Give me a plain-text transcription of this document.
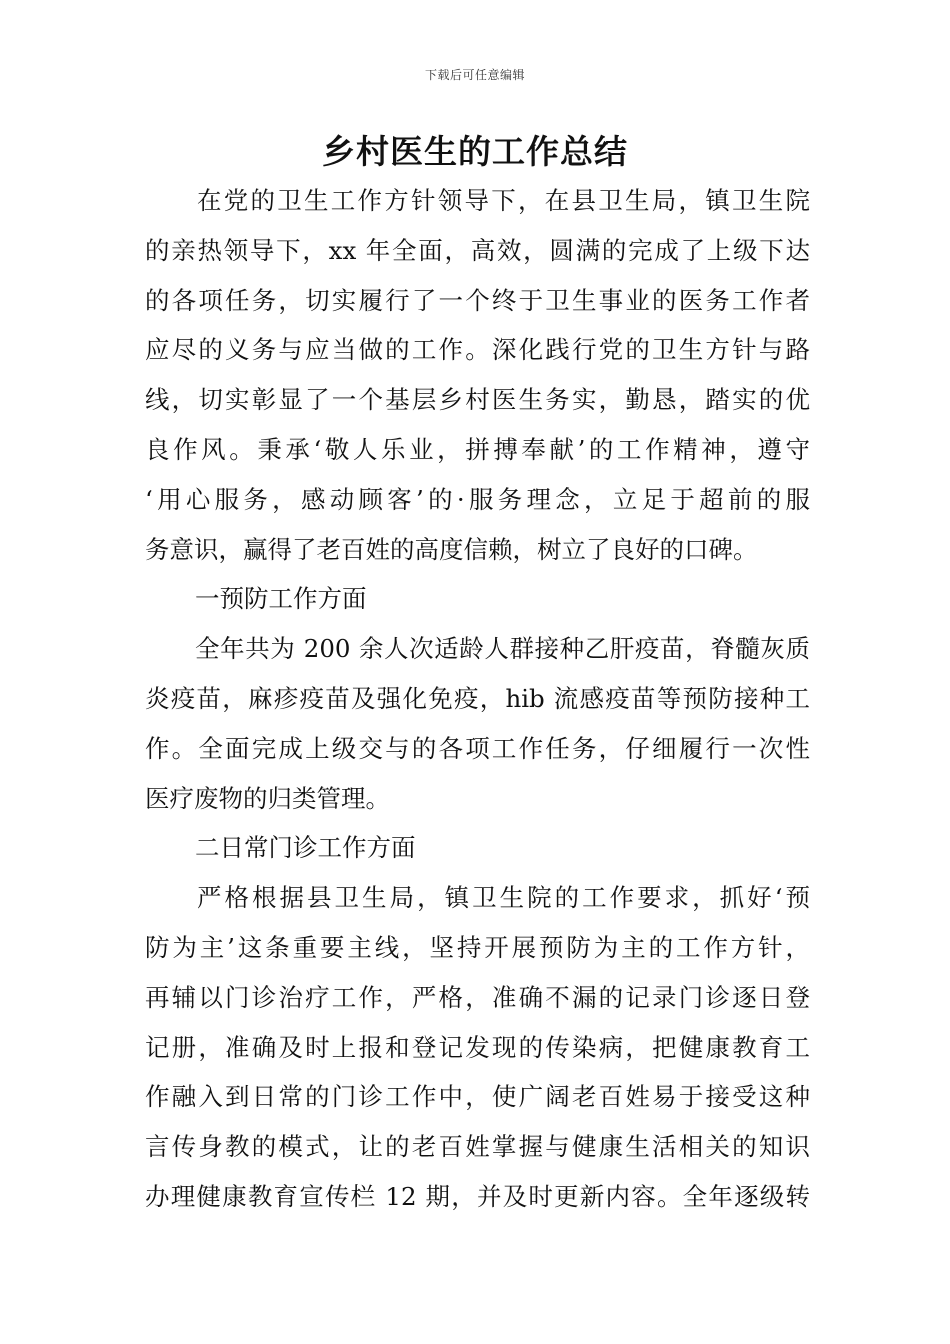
下载后可任意编辑
乡村医生的工作总结
在党的卫生工作方针领导下，在县卫生局，镇卫生院
的亲热领导下，xx 年全面，高效，圆满的完成了上级下达
的各项任务，切实履行了一个终于卫生事业的医务工作者
应尽的义务与应当做的工作。深化践行党的卫生方针与路
线，切实彰显了一个基层乡村医生务实，勤恳，踏实的优
良作风。秉承‘敬人乐业，拼搏奉献’的工作精神，遵守
‘用心服务，感动顾客’的·服务理念，立足于超前的服
务意识，赢得了老百姓的高度信赖，树立了良好的口碑。
一预防工作方面
全年共为 200 余人次适龄人群接种乙肝疫苗，脊髓灰质
炎疫苗，麻疹疫苗及强化免疫，hib 流感疫苗等预防接种工
作。全面完成上级交与的各项工作任务，仔细履行一次性
医疗废物的归类管理。
二日常门诊工作方面
严格根据县卫生局，镇卫生院的工作要求，抓好‘预
防为主’这条重要主线，坚持开展预防为主的工作方针，
再辅以门诊治疗工作，严格，准确不漏的记录门诊逐日登
记册，准确及时上报和登记发现的传染病，把健康教育工
作融入到日常的门诊工作中，使广阔老百姓易于接受这种
言传身教的模式，让的老百姓掌握与健康生活相关的知识
办理健康教育宣传栏 12 期，并及时更新内容。全年逐级转
